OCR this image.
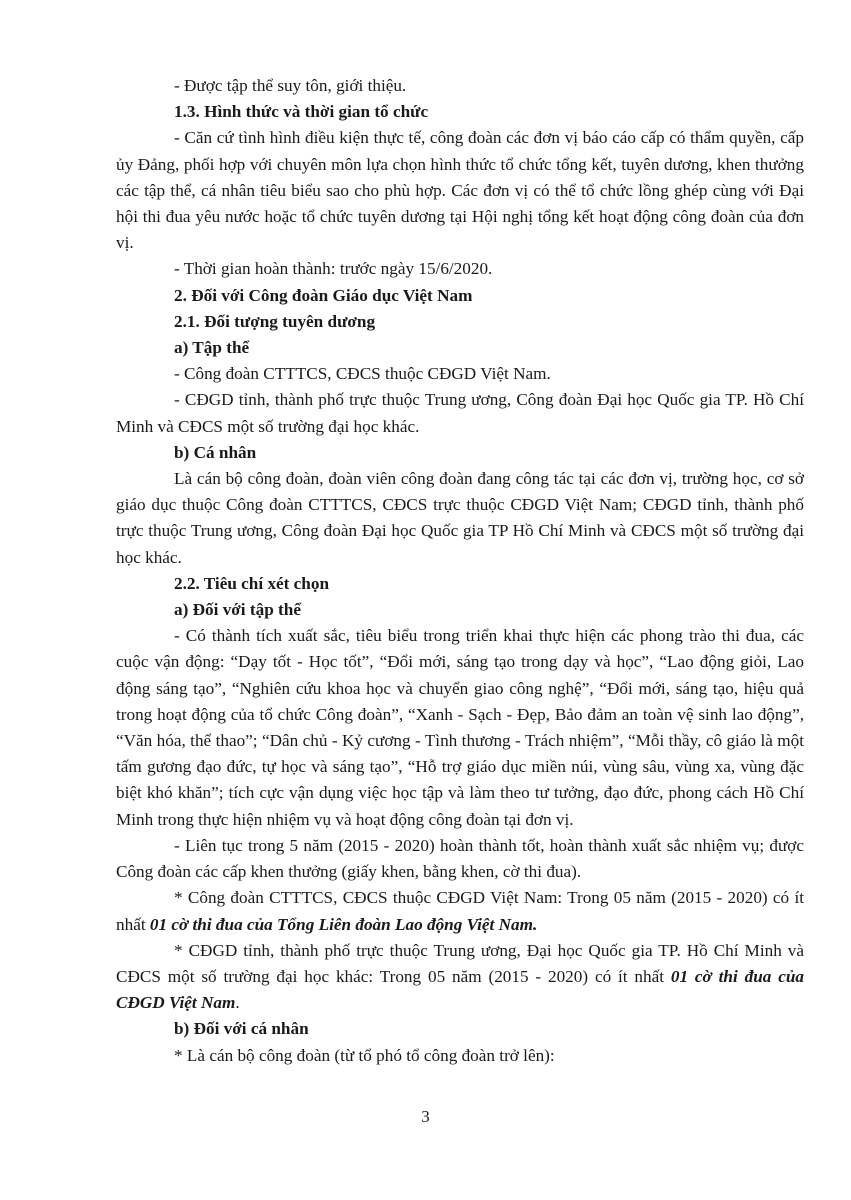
- Được tập thể suy tôn, giới thiệu.

1.3. Hình thức và thời gian tổ chức

- Căn cứ tình hình điều kiện thực tế, công đoàn các đơn vị báo cáo cấp có thẩm quyền, cấp ủy Đảng, phối hợp với chuyên môn lựa chọn hình thức tổ chức tổng kết, tuyên dương, khen thưởng các tập thể, cá nhân tiêu biểu sao cho phù hợp. Các đơn vị có thể tổ chức lồng ghép cùng với Đại hội thi đua yêu nước hoặc tổ chức tuyên dương tại Hội nghị tổng kết hoạt động công đoàn của đơn vị.

- Thời gian hoàn thành: trước ngày 15/6/2020.

2. Đối với Công đoàn Giáo dục Việt Nam

2.1. Đối tượng tuyên dương

a) Tập thể

- Công đoàn CTTTCS, CĐCS thuộc CĐGD Việt Nam.

- CĐGD tỉnh, thành phố trực thuộc Trung ương, Công đoàn Đại học Quốc gia TP. Hồ Chí Minh và CĐCS một số trường đại học khác.

b) Cá nhân

Là cán bộ công đoàn, đoàn viên công đoàn đang công tác tại các đơn vị, trường học, cơ sở giáo dục thuộc Công đoàn CTTTCS, CĐCS trực thuộc CĐGD Việt Nam; CĐGD tỉnh, thành phố trực thuộc Trung ương, Công đoàn Đại học Quốc gia TP Hồ Chí Minh và CĐCS một số trường đại học khác.

2.2. Tiêu chí xét chọn

a) Đối với tập thể

- Có thành tích xuất sắc, tiêu biểu trong triển khai thực hiện các phong trào thi đua, các cuộc vận động: “Dạy tốt - Học tốt”, “Đổi mới, sáng tạo trong dạy và học”, “Lao động giỏi, Lao động sáng tạo”, “Nghiên cứu khoa học và chuyển giao công nghệ”, “Đổi mới, sáng tạo, hiệu quả trong hoạt động của tổ chức Công đoàn”, “Xanh - Sạch - Đẹp, Bảo đảm an toàn vệ sinh lao động”, “Văn hóa, thể thao”; “Dân chủ - Kỷ cương - Tình thương - Trách nhiệm”, “Mỗi thầy, cô giáo là một tấm gương đạo đức, tự học và sáng tạo”, “Hỗ trợ giáo dục miền núi, vùng sâu, vùng xa, vùng đặc biệt khó khăn”; tích cực vận dụng việc học tập và làm theo tư tưởng, đạo đức, phong cách Hồ Chí Minh trong thực hiện nhiệm vụ và hoạt động công đoàn tại đơn vị.

- Liên tục trong 5 năm (2015 - 2020) hoàn thành tốt, hoàn thành xuất sắc nhiệm vụ; được Công đoàn các cấp khen thưởng (giấy khen, bằng khen, cờ thi đua).

* Công đoàn CTTTCS, CĐCS thuộc CĐGD Việt Nam: Trong 05 năm (2015 - 2020) có ít nhất 01 cờ thi đua của Tổng Liên đoàn Lao động Việt Nam.

* CĐGD tỉnh, thành phố trực thuộc Trung ương, Đại học Quốc gia TP. Hồ Chí Minh và CĐCS một số trường đại học khác: Trong 05 năm (2015 - 2020) có ít nhất 01 cờ thi đua của CĐGD Việt Nam.

b) Đối với cá nhân

* Là cán bộ công đoàn (từ tổ phó tổ công đoàn trở lên):

3
